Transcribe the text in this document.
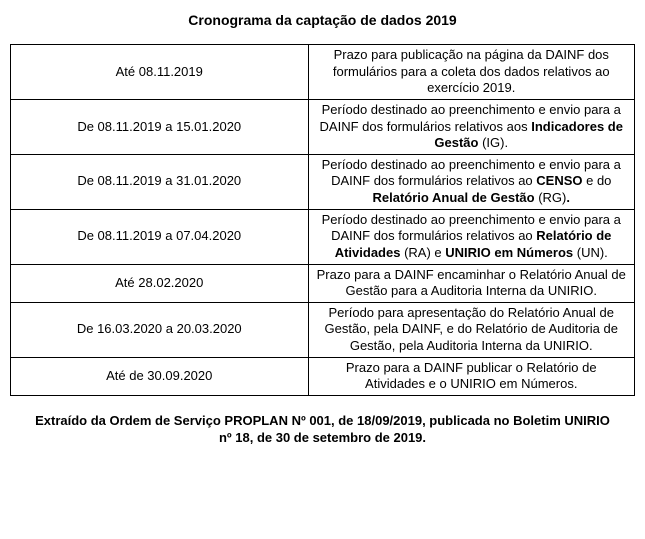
Cronograma da captação de dados 2019
Até 08.11.2019	Prazo para publicação na página da DAINF dos formulários para a coleta dos dados relativos ao exercício 2019.
De 08.11.2019 a 15.01.2020	Período destinado ao preenchimento e envio para a DAINF dos formulários relativos aos Indicadores de Gestão (IG).
De 08.11.2019 a 31.01.2020	Período destinado ao preenchimento e envio para a DAINF dos formulários relativos ao CENSO e do Relatório Anual de Gestão (RG).
De 08.11.2019 a 07.04.2020	Período destinado ao preenchimento e envio para a DAINF dos formulários relativos ao Relatório de Atividades (RA) e UNIRIO em Números (UN).
Até 28.02.2020	Prazo para a DAINF encaminhar o Relatório Anual de Gestão para a Auditoria Interna da UNIRIO.
De 16.03.2020 a 20.03.2020	Período para apresentação do Relatório Anual de Gestão, pela DAINF, e do Relatório de Auditoria de Gestão, pela Auditoria Interna da UNIRIO.
Até de 30.09.2020	Prazo para a DAINF publicar o Relatório de Atividades e o UNIRIO em Números.
Extraído da Ordem de Serviço PROPLAN Nº 001, de 18/09/2019, publicada no Boletim UNIRIO nº 18, de 30 de setembro de 2019.
